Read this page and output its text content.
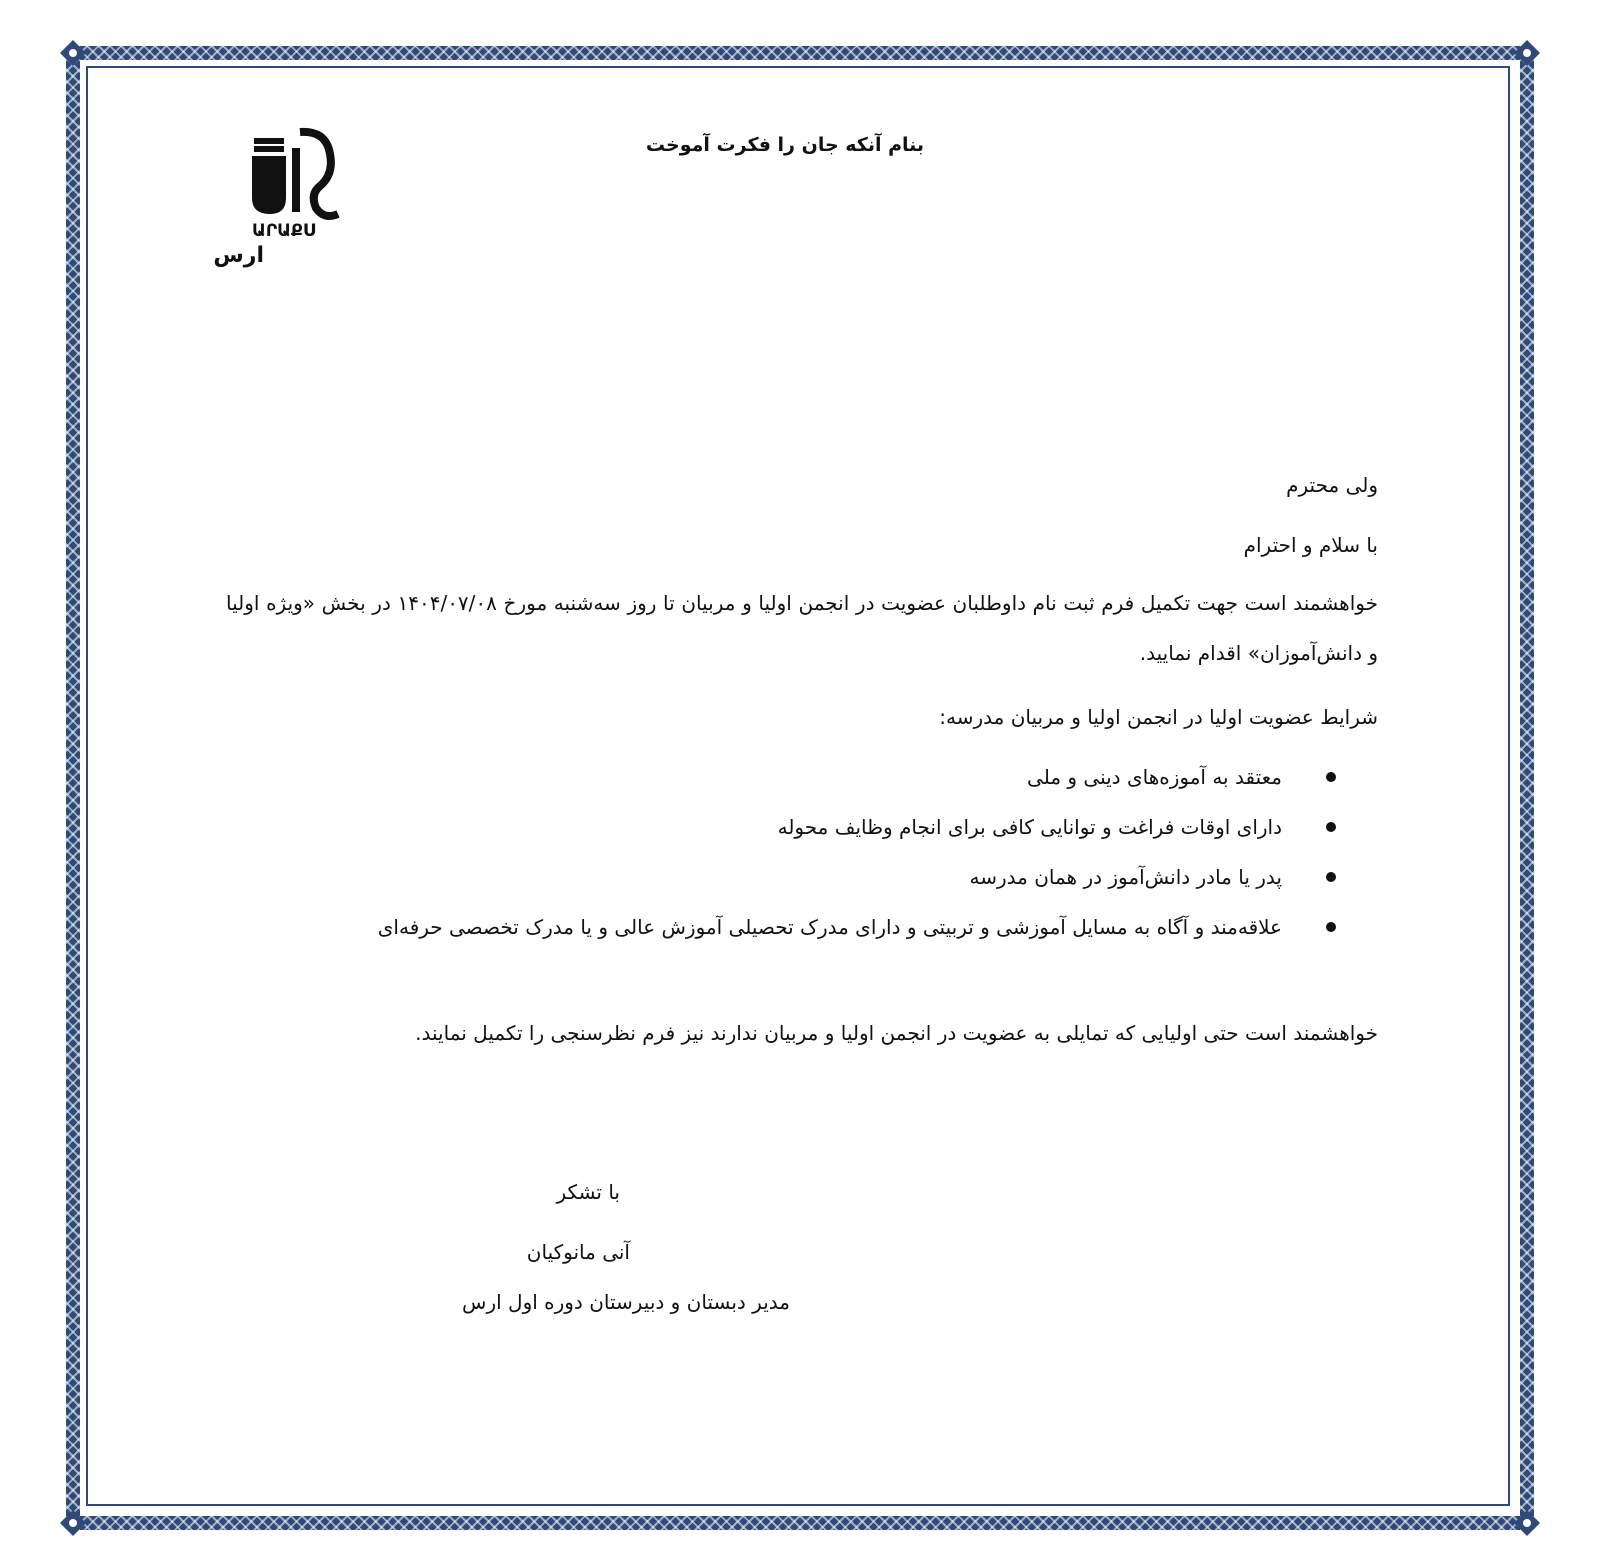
ԱՐԱՔՍ
ارس
بنام آنکه جان را فکرت آموخت
ولی محترم
با سلام و احترام
خواهشمند است جهت تکمیل فرم ثبت نام داوطلبان عضویت در انجمن اولیا و مربیان تا روز سه‌شنبه مورخ ۱۴۰۴/۰۷/۰۸ در بخش «ویژه اولیا و دانش‌آموزان» اقدام نمایید.
شرایط عضویت اولیا در انجمن اولیا و مربیان مدرسه:
معتقد به آموزه‌های دینی و ملی
دارای اوقات فراغت و توانایی کافی برای انجام وظایف محوله
پدر یا مادر دانش‌آموز در همان مدرسه
علاقه‌مند و آگاه به مسایل آموزشی و تربیتی و دارای مدرک تحصیلی آموزش عالی و یا مدرک تخصصی حرفه‌ای
خواهشمند است حتی اولیایی که تمایلی به عضویت در انجمن اولیا و مربیان ندارند نیز فرم نظرسنجی را تکمیل نمایند.
با تشکر
آنی مانوکیان
مدیر دبستان و دبیرستان دوره اول ارس
